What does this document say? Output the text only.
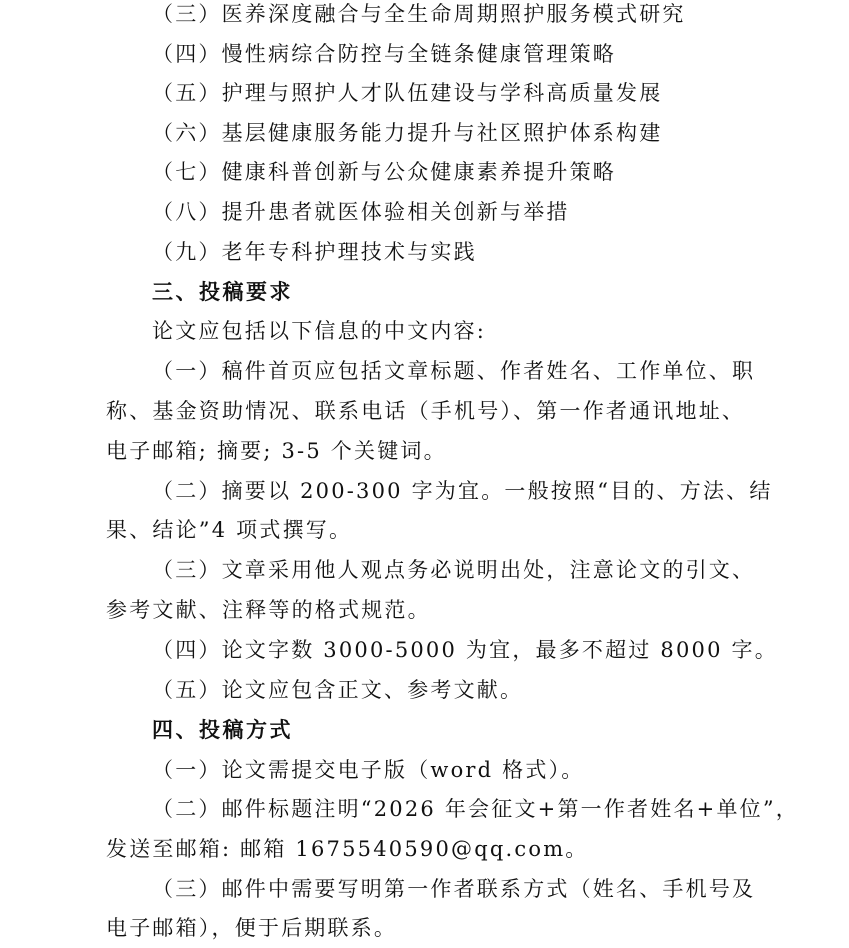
（三）医养深度融合与全生命周期照护服务模式研究
（四）慢性病综合防控与全链条健康管理策略
（五）护理与照护人才队伍建设与学科高质量发展
（六）基层健康服务能力提升与社区照护体系构建
（七）健康科普创新与公众健康素养提升策略
（八）提升患者就医体验相关创新与举措
（九）老年专科护理技术与实践
三、投稿要求
论文应包括以下信息的中文内容:
（一）稿件首页应包括文章标题、作者姓名、工作单位、职
称、基金资助情况、联系电话（手机号）、第一作者通讯地址、
电子邮箱; 摘要; 3-5 个关键词。
（二）摘要以 200-300 字为宜。一般按照“目的、方法、结
果、结论”4 项式撰写。
（三）文章采用他人观点务必说明出处，注意论文的引文、
参考文献、注释等的格式规范。
（四）论文字数 3000-5000 为宜，最多不超过 8000 字。
（五）论文应包含正文、参考文献。
四、投稿方式
（一）论文需提交电子版（word 格式）。
（二）邮件标题注明“2026 年会征文+第一作者姓名+单位”，
发送至邮箱: 邮箱 1675540590@qq.com。
（三）邮件中需要写明第一作者联系方式（姓名、手机号及
电子邮箱），便于后期联系。
